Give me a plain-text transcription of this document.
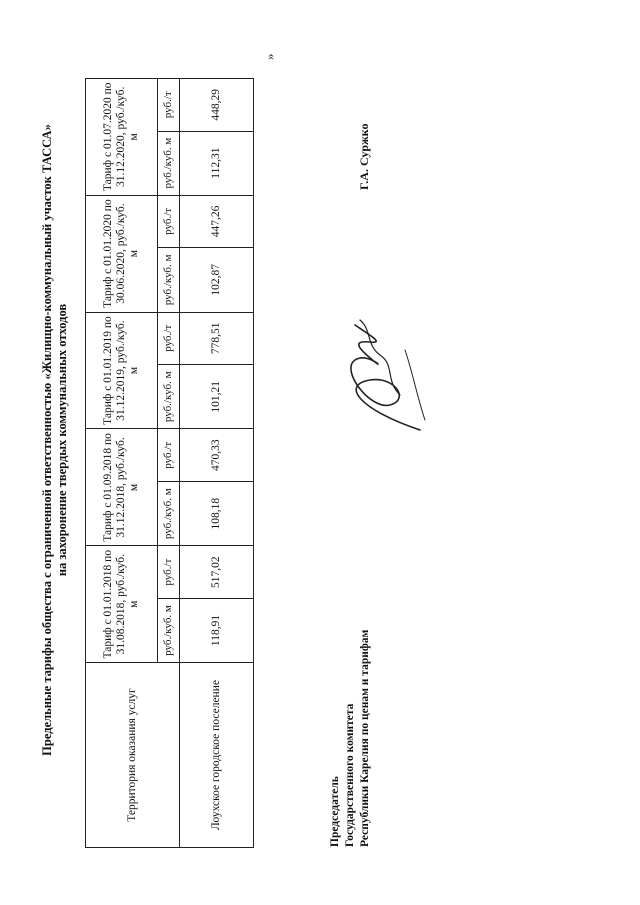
Предельные тарифы общества с ограниченной ответственностью «Жилищно-коммунальный участок ТАССА» на захоронение твердых коммунальных отходов
Территория оказания услуг	Тариф с 01.01.2018 по 31.08.2018, руб./куб. м		Тариф с 01.09.2018 по 31.12.2018, руб./куб. м		Тариф с 01.01.2019 по 31.12.2019, руб./куб. м		Тариф с 01.01.2020 по 30.06.2020, руб./куб. м		Тариф с 01.07.2020 по 31.12.2020, руб./куб. м	
	руб./куб. м	руб./т	руб./куб. м	руб./т	руб./куб. м	руб./т	руб./куб. м	руб./т	руб./куб. м	руб./т
Лоухское городское поселение	118,91	517,02	108,18	470,33	101,21	778,51	102,87	447,26	112,31	448,29
Председатель Государственного комитета Республики Карелия по ценам и тарифам
Г.А. Суржко
»
